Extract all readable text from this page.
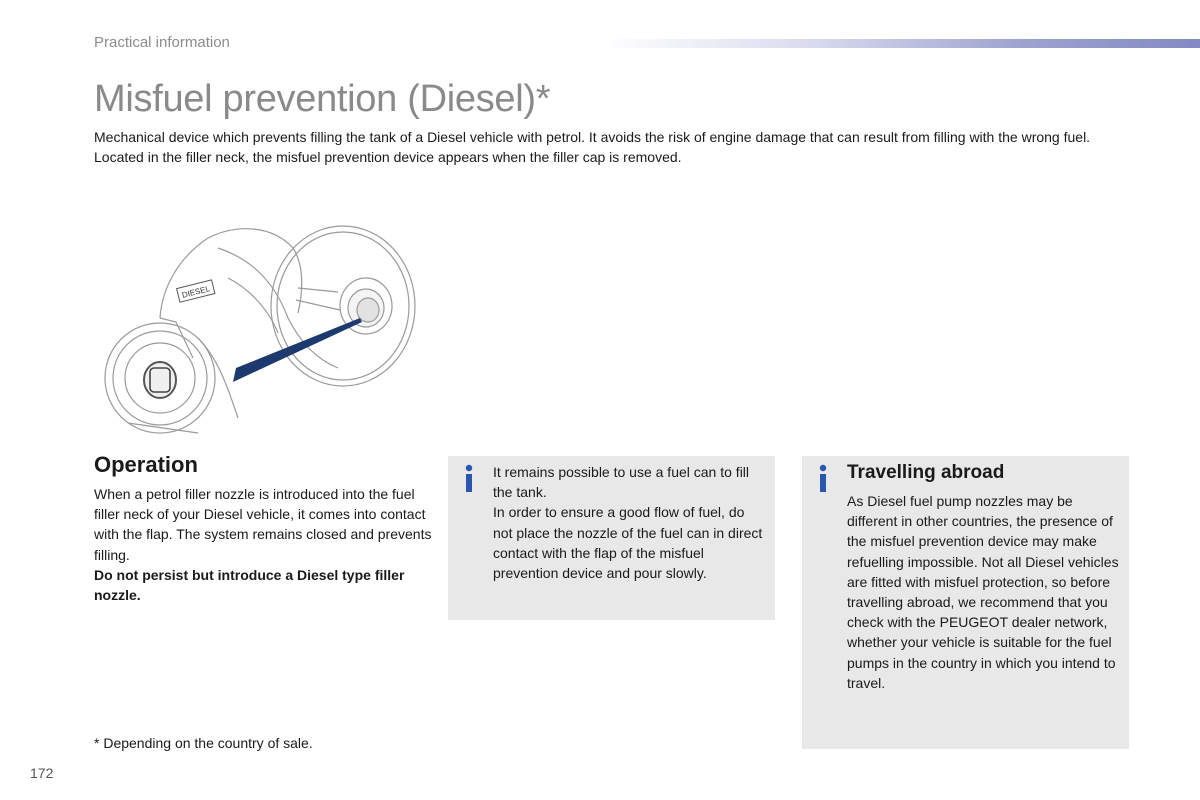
Practical information
Misfuel prevention (Diesel)*

Mechanical device which prevents filling the tank of a Diesel vehicle with petrol. It avoids the risk of engine damage that can result from filling with the wrong fuel.

Located in the filler neck, the misfuel prevention device appears when the filler cap is removed.

DIESEL
Operation

When a petrol filler nozzle is introduced into the fuel filler neck of your Diesel vehicle, it comes into contact with the flap. The system remains closed and prevents filling.

Do not persist but introduce a Diesel type filler nozzle.

It remains possible to use a fuel can to fill the tank.

In order to ensure a good flow of fuel, do not place the nozzle of the fuel can in direct contact with the flap of the misfuel prevention device and pour slowly.

Travelling abroad

As Diesel fuel pump nozzles may be different in other countries, the presence of the misfuel prevention device may make refuelling impossible. Not all Diesel vehicles are fitted with misfuel protection, so before travelling abroad, we recommend that you check with the PEUGEOT dealer network, whether your vehicle is suitable for the fuel pumps in the country in which you intend to travel.

* Depending on the country of sale.
172
